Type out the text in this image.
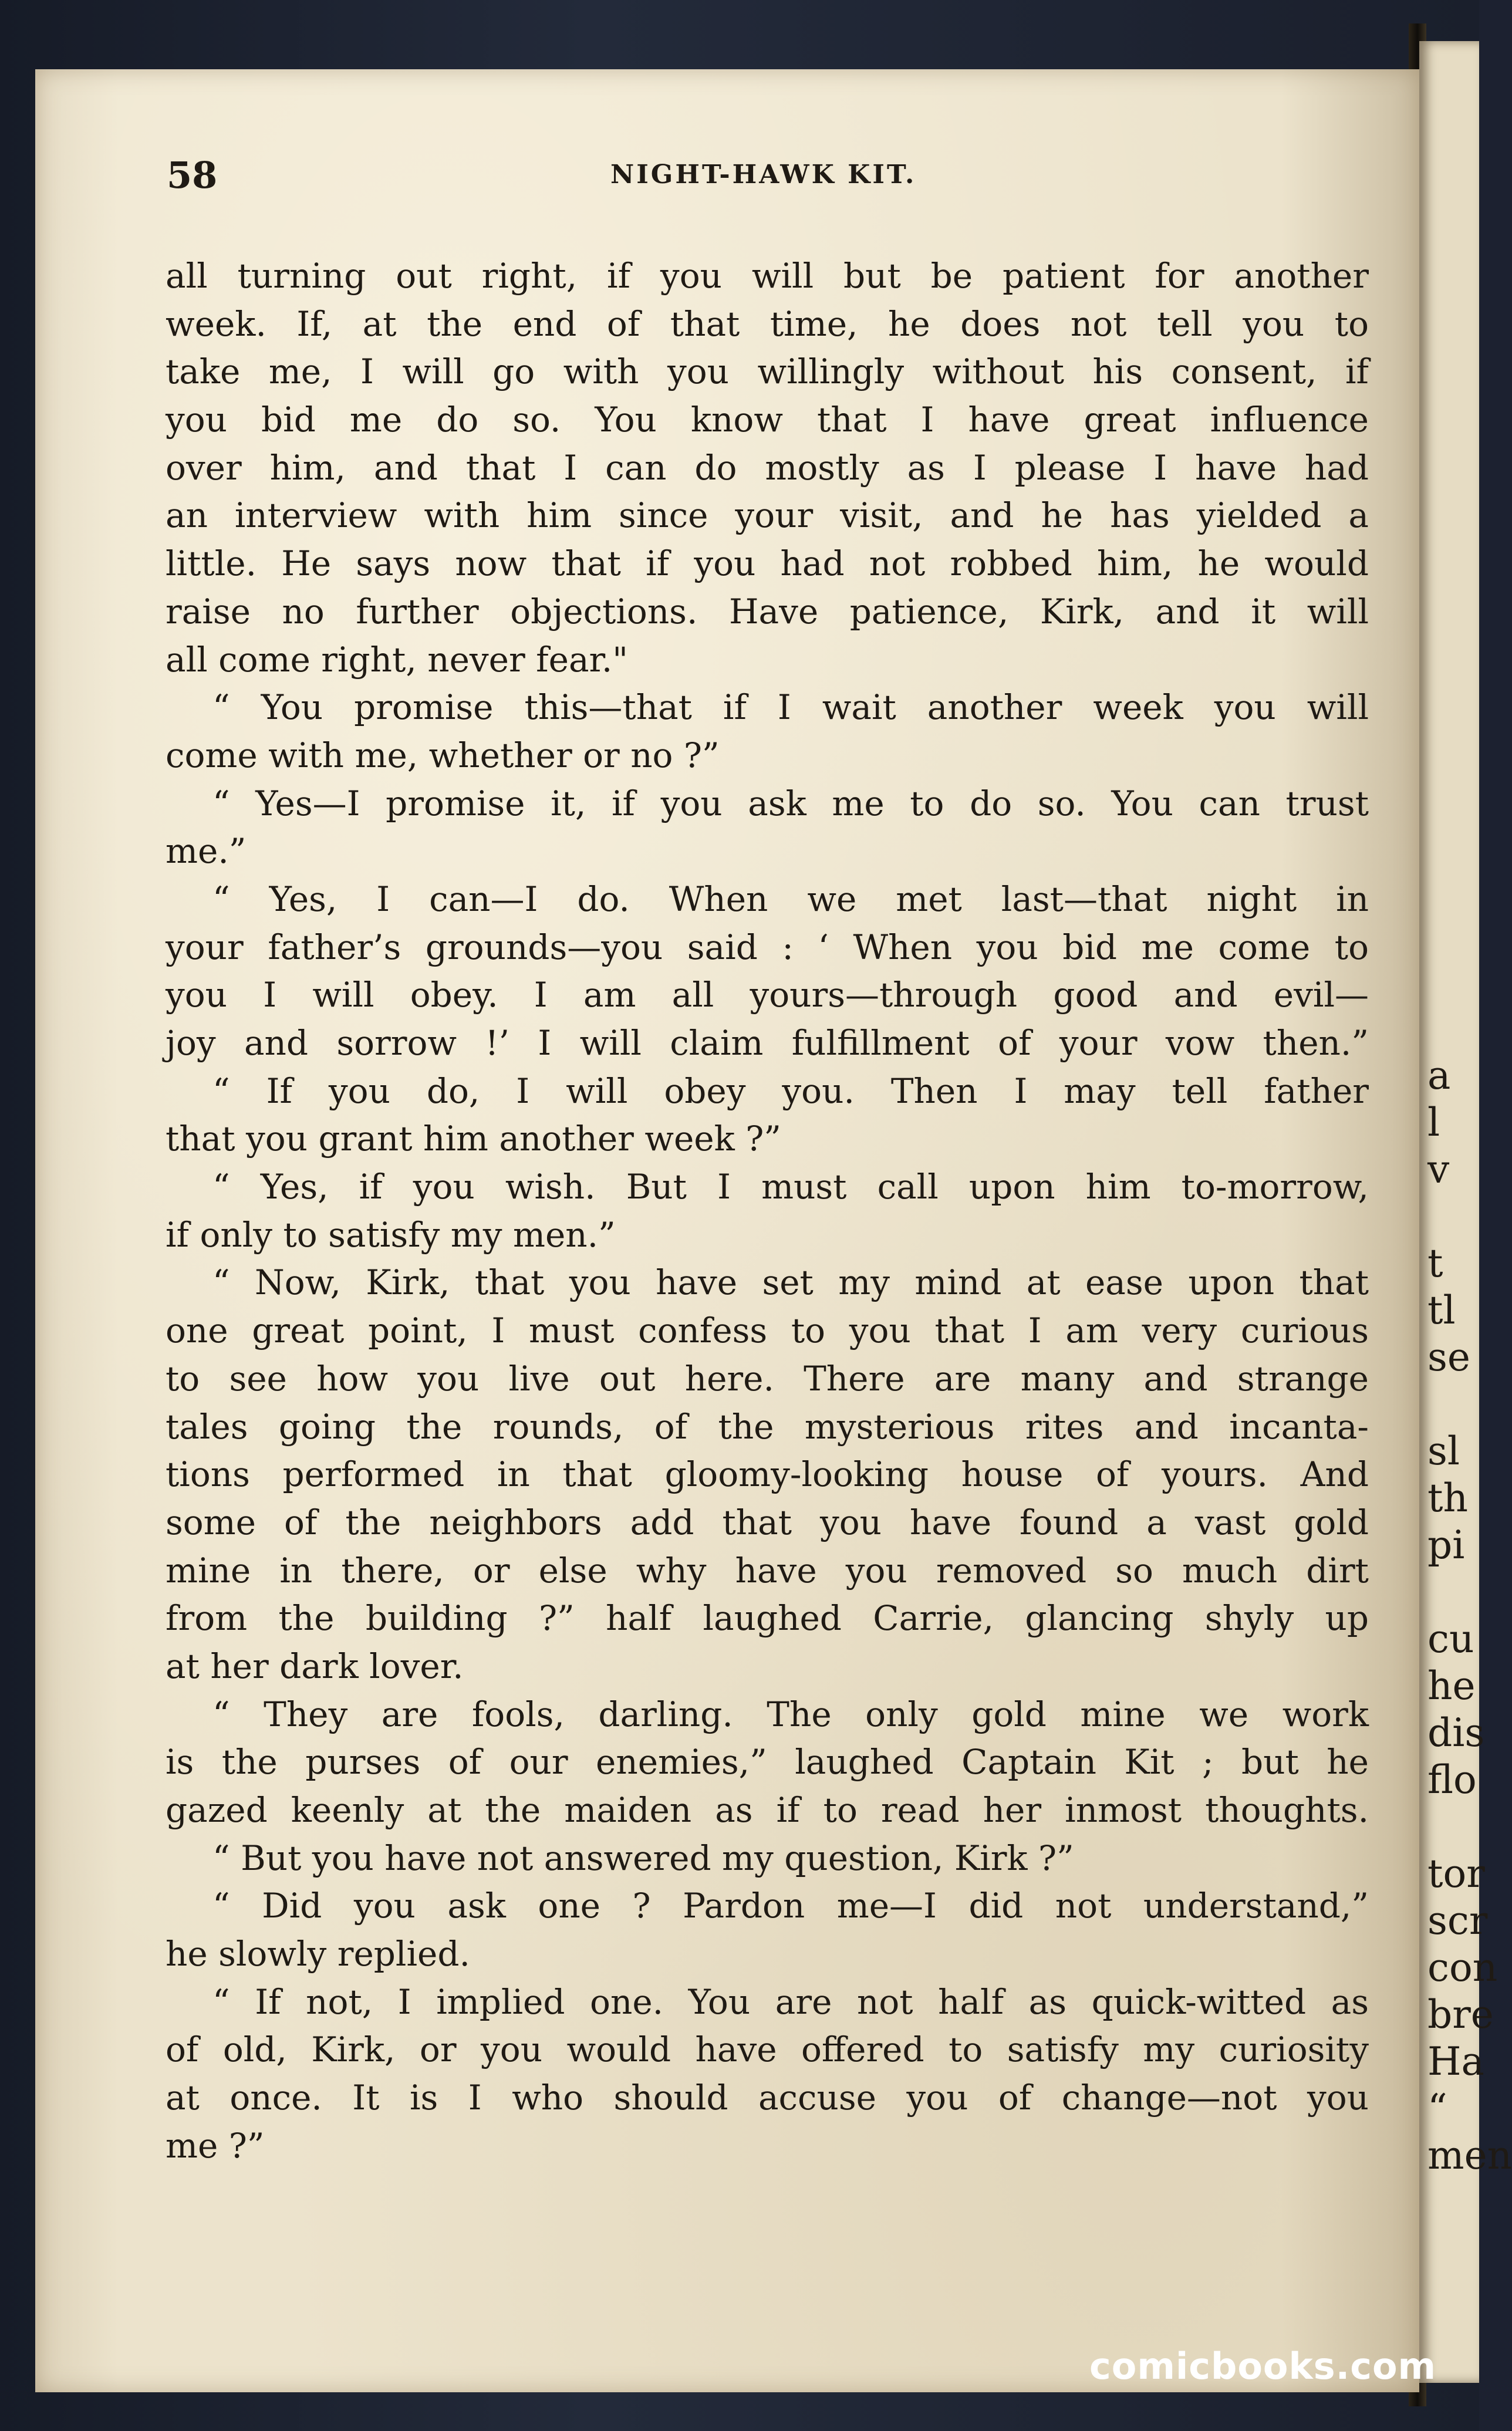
a
l
v
t
tl
se
sl
th
pi
cu
he
dis
flo
tor
scr
con
bre
Ha
“
men
58	NIGHT-HAWK KIT.
all turning out right, if you will but be patient for another
week. If, at the end of that time, he does not tell you to
take me, I will go with you willingly without his consent, if
you bid me do so. You know that I have great influence
over him, and that I can do mostly as I please I have had
an interview with him since your visit, and he has yielded a
little. He says now that if you had not robbed him, he would
raise no further objections. Have patience, Kirk, and it will
all come right, never fear."
“ You promise this—that if I wait another week you will
come with me, whether or no ?”
“ Yes—I promise it, if you ask me to do so. You can trust
me.”
“ Yes, I can—I do. When we met last—that night in
your father’s grounds—you said : ‘ When you bid me come to
you I will obey. I am all yours—through good and evil—
joy and sorrow !’ I will claim fulfillment of your vow then.”
“ If you do, I will obey you. Then I may tell father
that you grant him another week ?”
“ Yes, if you wish. But I must call upon him to-morrow,
if only to satisfy my men.”
“ Now, Kirk, that you have set my mind at ease upon that
one great point, I must confess to you that I am very curious
to see how you live out here. There are many and strange
tales going the rounds, of the mysterious rites and incanta-
tions performed in that gloomy-looking house of yours. And
some of the neighbors add that you have found a vast gold
mine in there, or else why have you removed so much dirt
from the building ?” half laughed Carrie, glancing shyly up
at her dark lover.
“ They are fools, darling. The only gold mine we work
is the purses of our enemies,” laughed Captain Kit ; but he
gazed keenly at the maiden as if to read her inmost thoughts.
“ But you have not answered my question, Kirk ?”
“ Did you ask one ? Pardon me—I did not understand,”
he slowly replied.
“ If not, I implied one. You are not half as quick-witted as
of old, Kirk, or you would have offered to satisfy my curiosity
at once. It is I who should accuse you of change—not you
me ?”
comicbooks.com
